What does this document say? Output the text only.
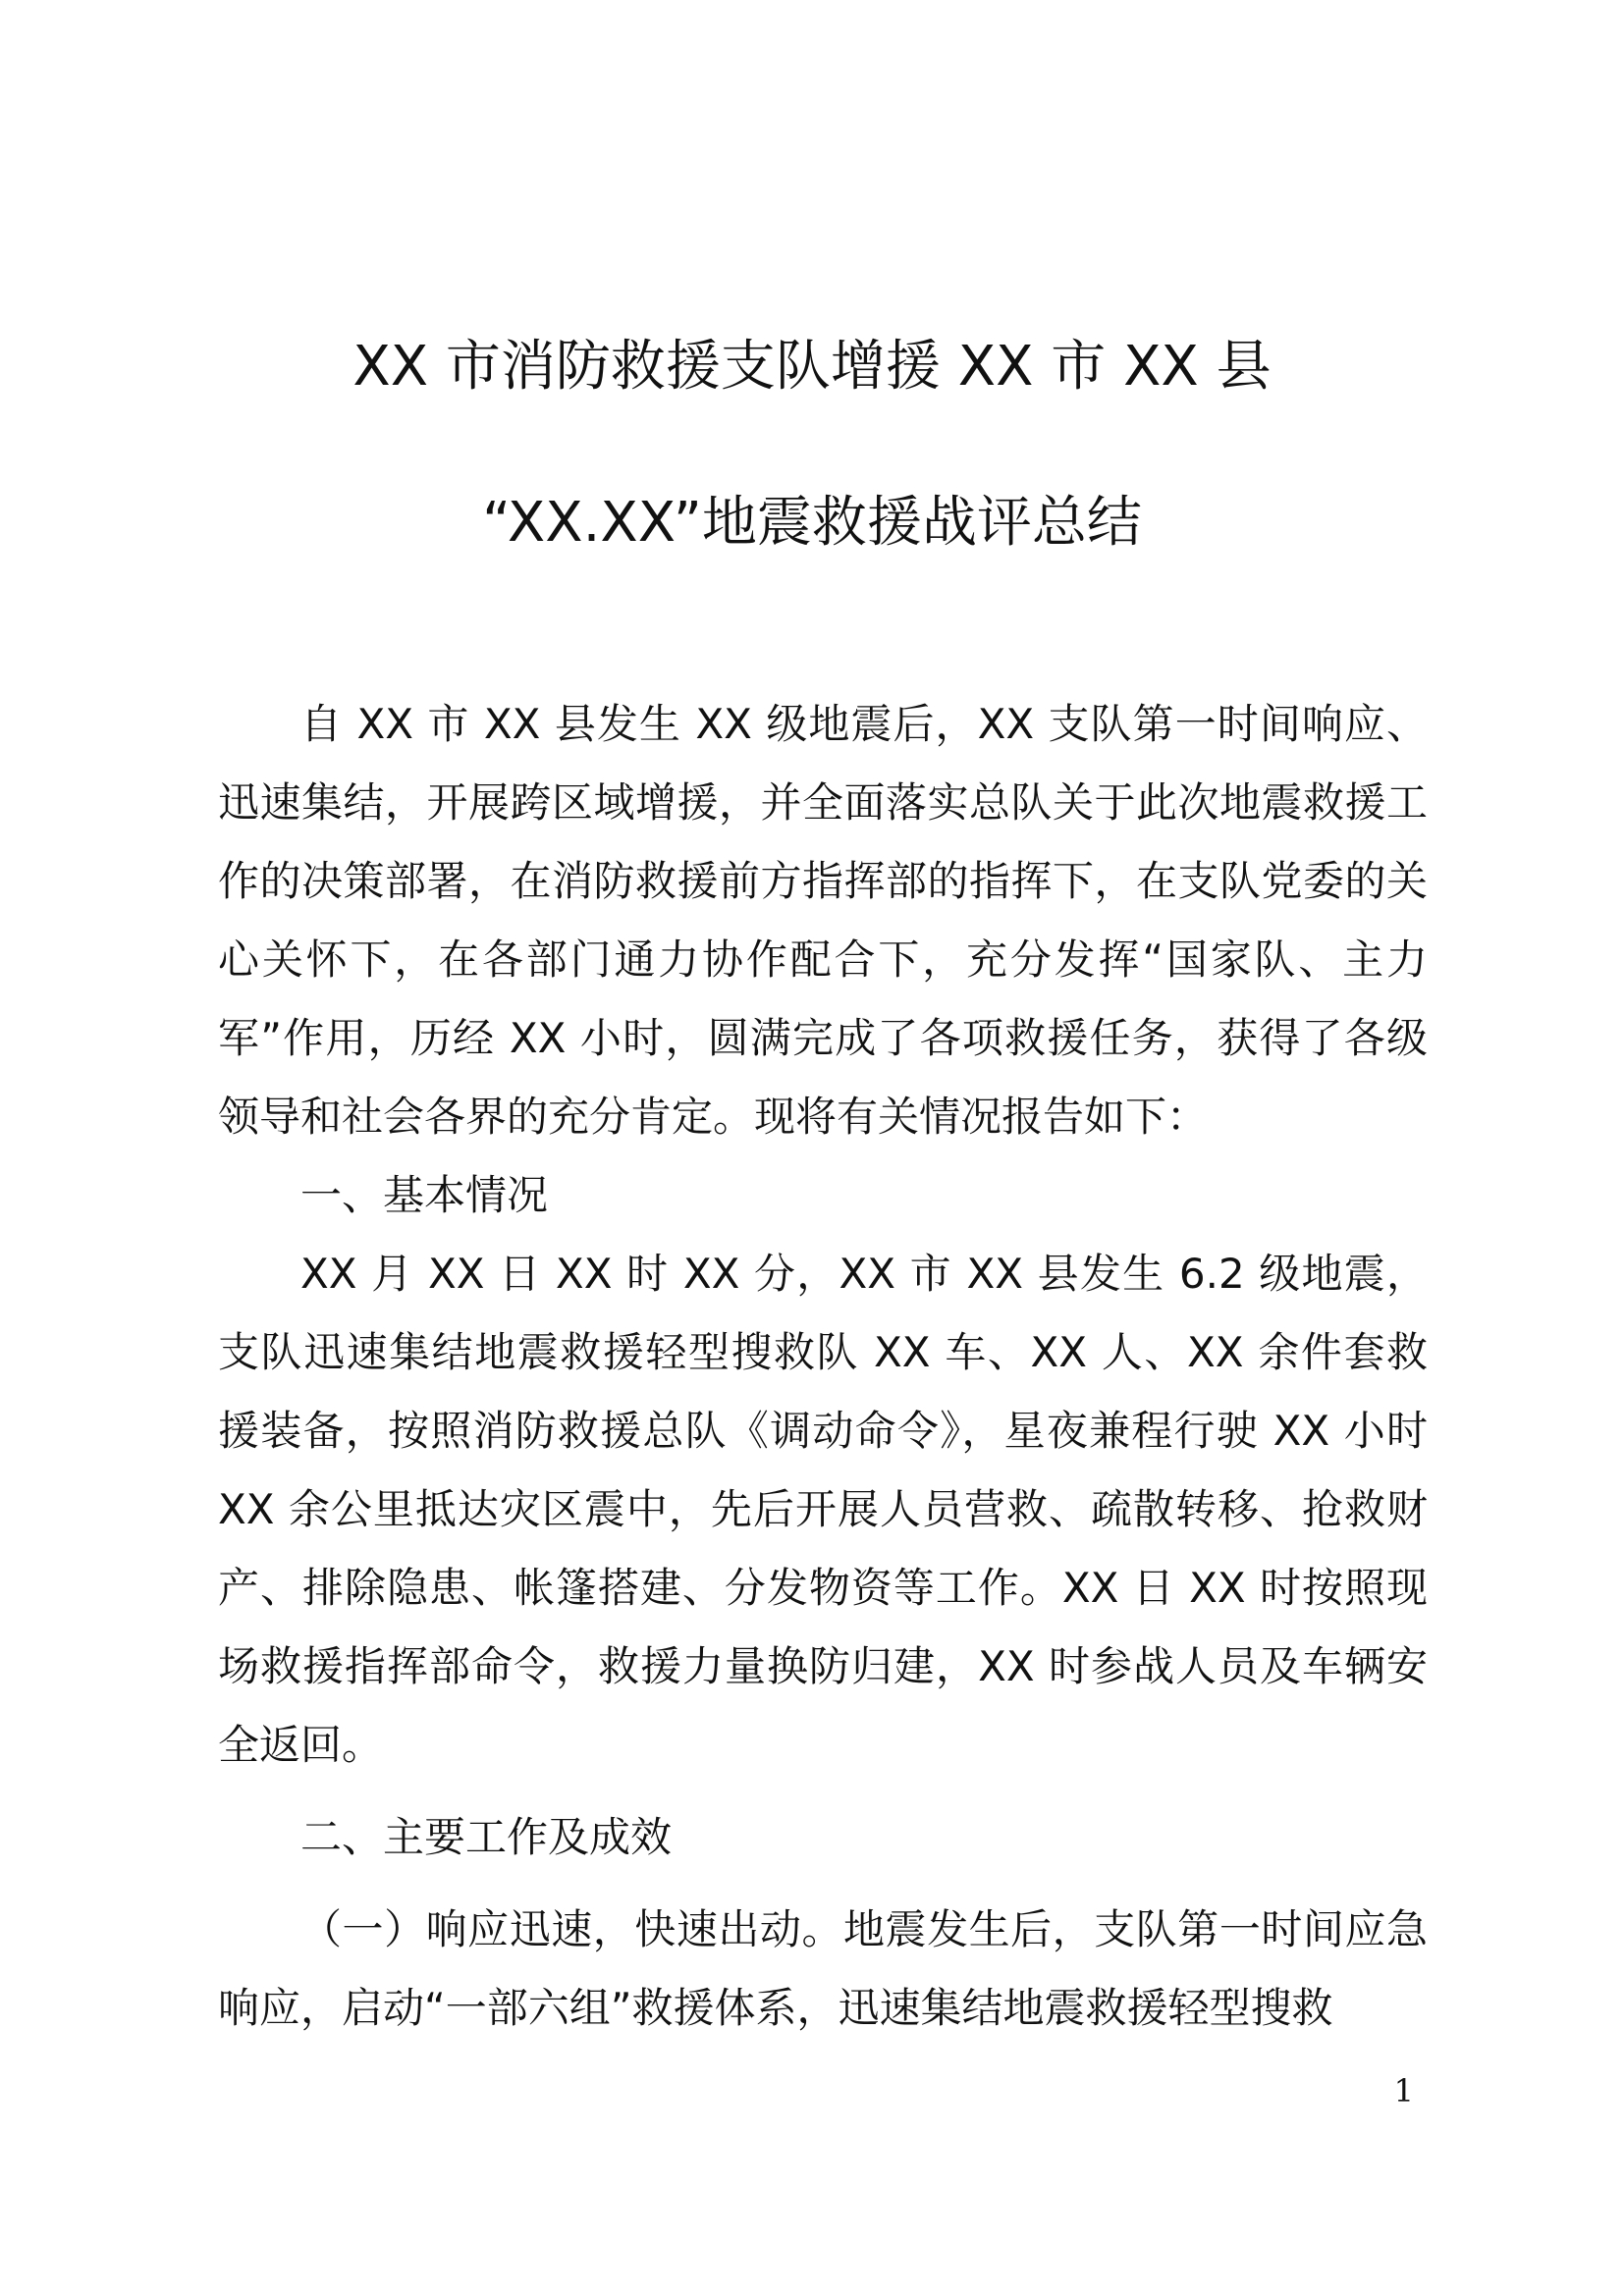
XX 市消防救援支队增援 XX 市 XX 县
“XX.XX”地震救援战评总结

自 XX 市 XX 县发生 XX 级地震后，XX 支队第一时间响应、迅速集结，开展跨区域增援，并全面落实总队关于此次地震救援工作的决策部署，在消防救援前方指挥部的指挥下，在支队党委的关心关怀下，在各部门通力协作配合下，充分发挥“国家队、主力军”作用，历经 XX 小时，圆满完成了各项救援任务，获得了各级领导和社会各界的充分肯定。现将有关情况报告如下：

一、基本情况

XX 月 XX 日 XX 时 XX 分，XX 市 XX 县发生 6.2 级地震，支队迅速集结地震救援轻型搜救队 XX 车、XX 人、XX 余件套救援装备，按照消防救援总队《调动命令》，星夜兼程行驶 XX 小时 XX 余公里抵达灾区震中，先后开展人员营救、疏散转移、抢救财产、排除隐患、帐篷搭建、分发物资等工作。XX 日 XX 时按照现场救援指挥部命令，救援力量换防归建，XX 时参战人员及车辆安全返回。

二、主要工作及成效

（一）响应迅速，快速出动。地震发生后，支队第一时间应急响应，启动“一部六组”救援体系，迅速集结地震救援轻型搜救

1
